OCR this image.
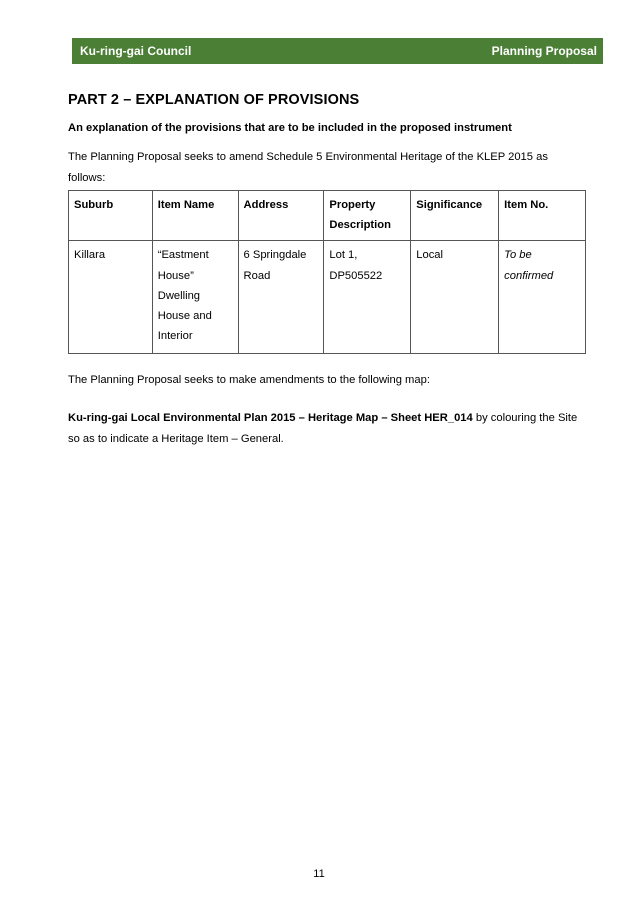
Ku-ring-gai Council	Planning Proposal
PART 2 – EXPLANATION OF PROVISIONS

An explanation of the provisions that are to be included in the proposed instrument

The Planning Proposal seeks to amend Schedule 5 Environmental Heritage of the KLEP 2015 as follows:

Suburb	Item Name	Address	Property Description	Significance	Item No.
Killara	“Eastment House” Dwelling House and Interior	6 Springdale Road	Lot 1, DP505522	Local	To be confirmed

The Planning Proposal seeks to make amendments to the following map:

Ku-ring-gai Local Environmental Plan 2015 – Heritage Map – Sheet HER_014 by colouring the Site so as to indicate a Heritage Item – General.

11
